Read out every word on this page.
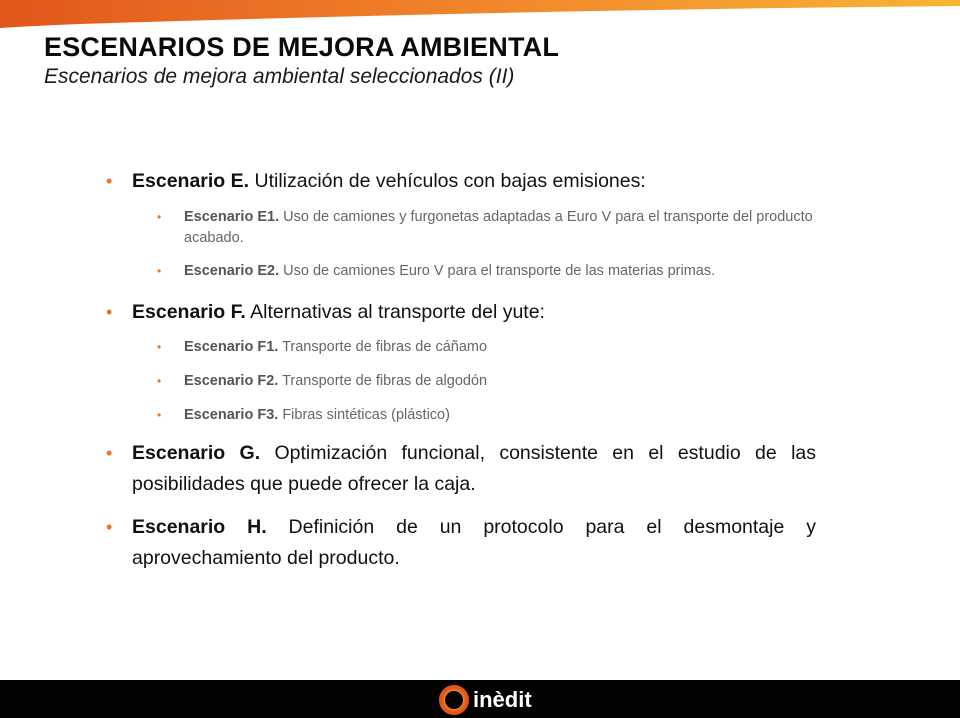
ESCENARIOS DE MEJORA AMBIENTAL
Escenarios de mejora ambiental seleccionados (II)
• Escenario E. Utilización de vehículos con bajas emisiones:
• Escenario E1. Uso de camiones y furgonetas adaptadas a Euro V para el transporte del producto acabado.
• Escenario E2. Uso de camiones Euro V para el transporte de las materias primas.
• Escenario F. Alternativas al transporte del yute:
• Escenario F1. Transporte de fibras de cáñamo
• Escenario F2. Transporte de fibras de algodón
• Escenario F3. Fibras sintéticas (plástico)
• Escenario G. Optimización funcional, consistente en el estudio de las posibilidades que puede ofrecer la caja.
• Escenario H. Definición de un protocolo para el desmontaje y aprovechamiento del producto.
inèdit
